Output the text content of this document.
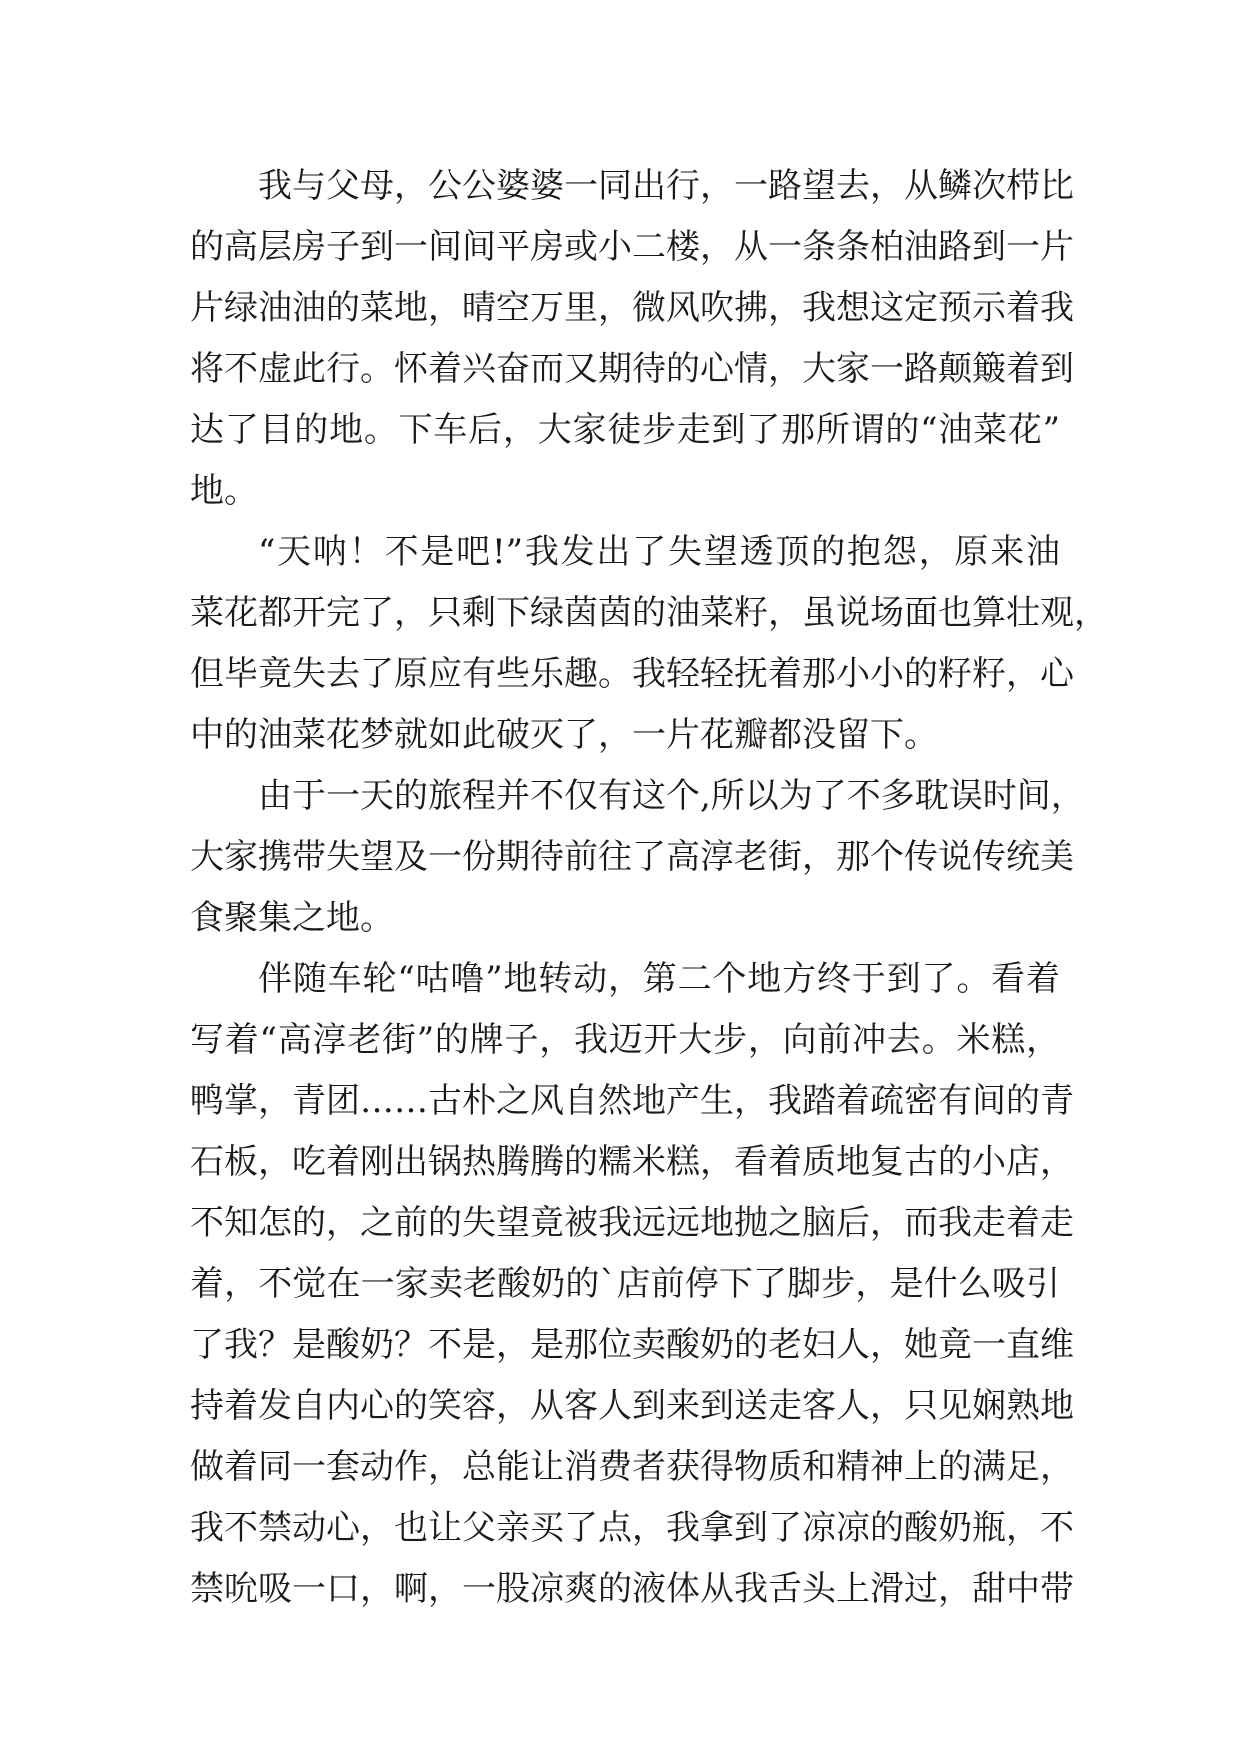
我与父母，公公婆婆一同出行，一路望去，从鳞次栉比
的高层房子到一间间平房或小二楼，从一条条柏油路到一片
片绿油油的菜地，晴空万里，微风吹拂，我想这定预示着我
将不虚此行。怀着兴奋而又期待的心情，大家一路颠簸着到
达了目的地。下车后，大家徒步走到了那所谓的“油菜花”
地。
“天呐！不是吧!”我发出了失望透顶的抱怨，原来油
菜花都开完了，只剩下绿茵茵的油菜籽，虽说场面也算壮观，
但毕竟失去了原应有些乐趣。我轻轻抚着那小小的籽籽，心
中的油菜花梦就如此破灭了，一片花瓣都没留下。
由于一天的旅程并不仅有这个,所以为了不多耽误时间，
大家携带失望及一份期待前往了高淳老街，那个传说传统美
食聚集之地。
伴随车轮“咕噜”地转动，第二个地方终于到了。看着
写着“高淳老街”的牌子，我迈开大步，向前冲去。米糕，
鸭掌，青团……古朴之风自然地产生，我踏着疏密有间的青
石板，吃着刚出锅热腾腾的糯米糕，看着质地复古的小店，
不知怎的，之前的失望竟被我远远地抛之脑后，而我走着走
着，不觉在一家卖老酸奶的`店前停下了脚步，是什么吸引
了我？是酸奶？不是，是那位卖酸奶的老妇人，她竟一直维
持着发自内心的笑容，从客人到来到送走客人，只见娴熟地
做着同一套动作，总能让消费者获得物质和精神上的满足，
我不禁动心，也让父亲买了点，我拿到了凉凉的酸奶瓶，不
禁吮吸一口，啊，一股凉爽的液体从我舌头上滑过，甜中带
